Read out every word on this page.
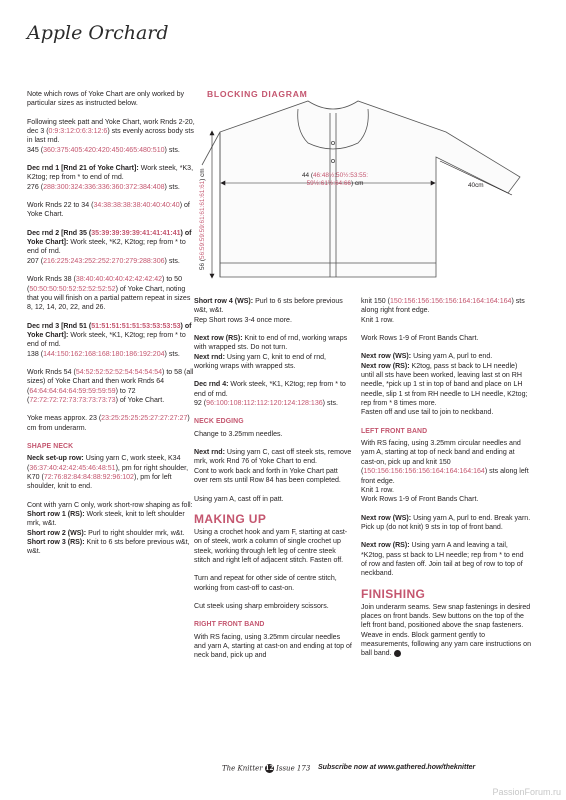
Apple Orchard

Note which rows of Yoke Chart are only worked by particular sizes as instructed below.

Following steek patt and Yoke Chart, work Rnds 2-20, dec 3 (0:9:3:12:0:6:3:12:6) sts evenly across body sts in last rnd.
345 (360:375:405:420:420:450:465:480:510) sts.

Dec rnd 1 [Rnd 21 of Yoke Chart]: Work steek, *K3, K2tog; rep from * to end of rnd.
276 (288:300:324:336:336:360:372:384:408) sts.

Work Rnds 22 to 34 (34:38:38:38:38:40:40:40:40) of Yoke Chart.

Dec rnd 2 [Rnd 35 (35:39:39:39:39:41:41:41:41) of Yoke Chart]: Work steek, *K2, K2tog; rep from * to end of rnd.
207 (216:225:243:252:252:270:279:288:306) sts.

Work Rnds 38 (38:40:40:40:40:42:42:42:42) to 50 (50:50:50:50:52:52:52:52:52) of Yoke Chart, noting that you will finish on a partial pattern repeat in sizes 8, 12, 14, 20, 22, and 26.

Dec rnd 3 [Rnd 51 (51:51:51:51:51:53:53:53:53) of Yoke Chart]: Work steek, *K1, K2tog; rep from * to end of rnd.
138 (144:150:162:168:168:180:186:192:204) sts.

Work Rnds 54 (54:52:52:52:52:54:54:54:54) to 58 (all sizes) of Yoke Chart and then work Rnds 64 (64:64:64:64:64:59:59:59:59) to 72 (72:72:72:72:73:73:73:73:73) of Yoke Chart.

Yoke meas approx. 23 (23:25:25:25:25:27:27:27:27) cm from underarm.

SHAPE NECK

Neck set-up row: Using yarn C, work steek, K34 (36:37:40:42:42:45:46:48:51), pm for right shoulder, K70 (72:76:82:84:84:88:92:96:102), pm for left shoulder, knit to end.

Cont with yarn C only, work short-row shaping as foll:

Short row 1 (RS): Work steek, knit to left shoulder mrk, w&t.

Short row 2 (WS): Purl to right shoulder mrk, w&t.

Short row 3 (RS): Knit to 6 sts before previous w&t, w&t.

BLOCKING DIAGRAM
56 (56:59:59:59:61:61:61:61:61) cm	44 (46:48½:50½:53:55:
59½:61½:64:66) cm	40cm

Short row 4 (WS): Purl to 6 sts before previous w&t, w&t.

Rep Short rows 3-4 once more.

Next row (RS): Knit to end of rnd, working wraps with wrapped sts. Do not turn.

Next rnd: Using yarn C, knit to end of rnd, working wraps with wrapped sts.

Dec rnd 4: Work steek, *K1, K2tog; rep from * to end of rnd.
92 (96:100:108:112:112:120:124:128:136) sts.

NECK EDGING

Change to 3.25mm needles.

Next rnd: Using yarn C, cast off steek sts, remove mrk, work Rnd 76 of Yoke Chart to end.

Cont to work back and forth in Yoke Chart patt over rem sts until Row 84 has been completed.

Using yarn A, cast off in patt.

MAKING UP

Using a crochet hook and yarn F, starting at cast-on of steek, work a column of single crochet up steek, working through left leg of centre steek stitch and right left of adjacent stitch. Fasten off.

Turn and repeat for other side of centre stitch, working from cast-off to cast-on.

Cut steek using sharp embroidery scissors.

RIGHT FRONT BAND

With RS facing, using 3.25mm circular needles and yarn A, starting at cast-on and ending at top of neck band, pick up and

knit 150 (150:156:156:156:156:164:164:164:164) sts along right front edge.

Knit 1 row.

Work Rows 1-9 of Front Bands Chart.

Next row (WS): Using yarn A, purl to end.

Next row (RS): K2tog, pass st back to LH needle) until all sts have been worked, leaving last st on RH needle, *pick up 1 st in top of band and place on LH needle, slip 1 st from RH needle to LH needle, K2tog; rep from * 8 times more.

Fasten off and use tail to join to neckband.

LEFT FRONT BAND

With RS facing, using 3.25mm circular needles and yarn A, starting at top of neck band and ending at cast-on, pick up and knit 150 (150:156:156:156:156:164:164:164:164) sts along left front edge.

Knit 1 row.

Work Rows 1-9 of Front Bands Chart.

Next row (WS): Using yarn A, purl to end. Break yarn. Pick up (do not knit) 9 sts in top of front band.

Next row (RS): Using yarn A and leaving a tail, *K2tog, pass st back to LH needle; rep from * to end of row and fasten off. Join tail at beg of row to top of neckband.

FINISHING

Join underarm seams. Sew snap fastenings in desired places on front bands. Sew buttons on the top of the left front band, positioned above the snap fasteners. Weave in ends. Block garment gently to measurements, following any yarn care instructions on ball band.

The Knitter 12 Issue 173 Subscribe now at www.gathered.how/theknitter
PassionForum.ru
